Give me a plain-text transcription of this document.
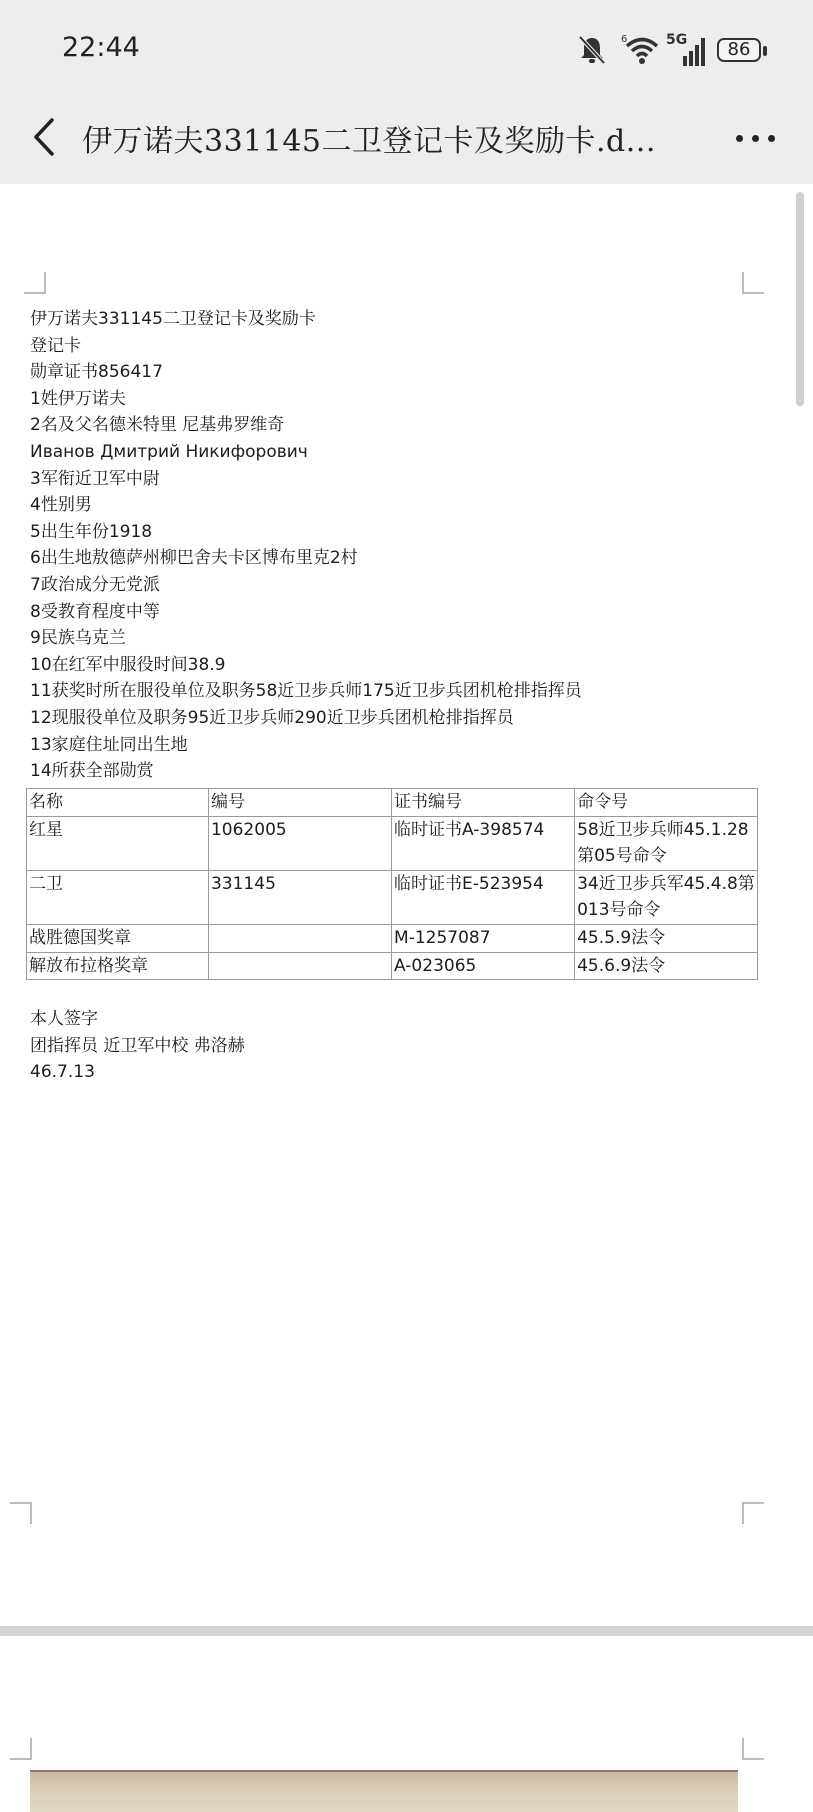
22:44	6	5G	86
伊万诺夫331145二卫登记卡及奖励卡.d...
伊万诺夫331145二卫登记卡及奖励卡
登记卡
勋章证书856417
1姓伊万诺夫
2名及父名德米特里 尼基弗罗维奇
Иванов Дмитрий Никифорович
3军衔近卫军中尉
4性别男
5出生年份1918
6出生地敖德萨州柳巴舍夫卡区博布里克2村
7政治成分无党派
8受教育程度中等
9民族乌克兰
10在红军中服役时间38.9
11获奖时所在服役单位及职务58近卫步兵师175近卫步兵团机枪排指挥员
12现服役单位及职务95近卫步兵师290近卫步兵团机枪排指挥员
13家庭住址同出生地
14所获全部勋赏
名称	编号	证书编号	命令号
红星	1062005	临时证书A-398574	58近卫步兵师45.1.28第05号命令
二卫	331145	临时证书E-523954	34近卫步兵军45.4.8第013号命令
战胜德国奖章		M-1257087	45.5.9法令
解放布拉格奖章		A-023065	45.6.9法令
本人签字
团指挥员 近卫军中校 弗洛赫
46.7.13
